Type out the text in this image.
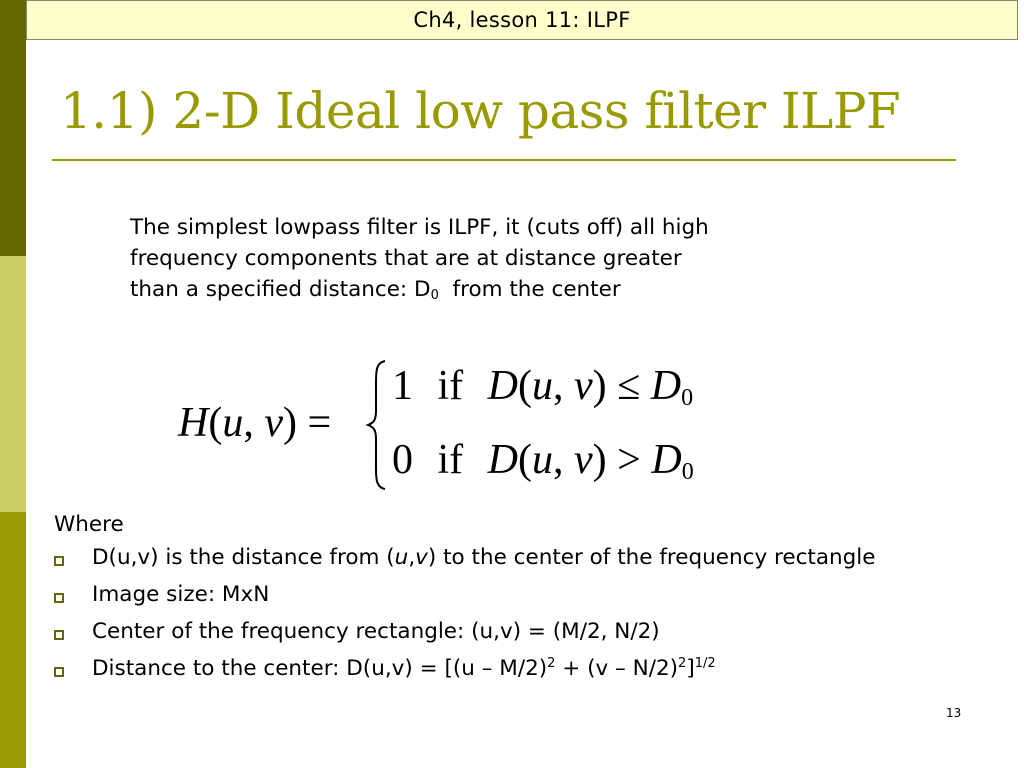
Ch4, lesson 11: ILPF
1.1) 2-D Ideal low pass filter ILPF
The simplest lowpass filter is ILPF, it (cuts off) all high
frequency components that are at distance greater
than a specified distance: $D_0$  from the center
H(u, v) =
1 if D(u, v) ≤ D0
0 if D(u, v) > D0
Where
D(u,v) is the distance from (u,v) to the center of the frequency rectangle
Image size: MxN
Center of the frequency rectangle: (u,v) = (M/2, N/2)
Distance to the center: $D(u,v) = [(u - M/2)^2 + (v - N/2)^2]^{1/2}$
13
